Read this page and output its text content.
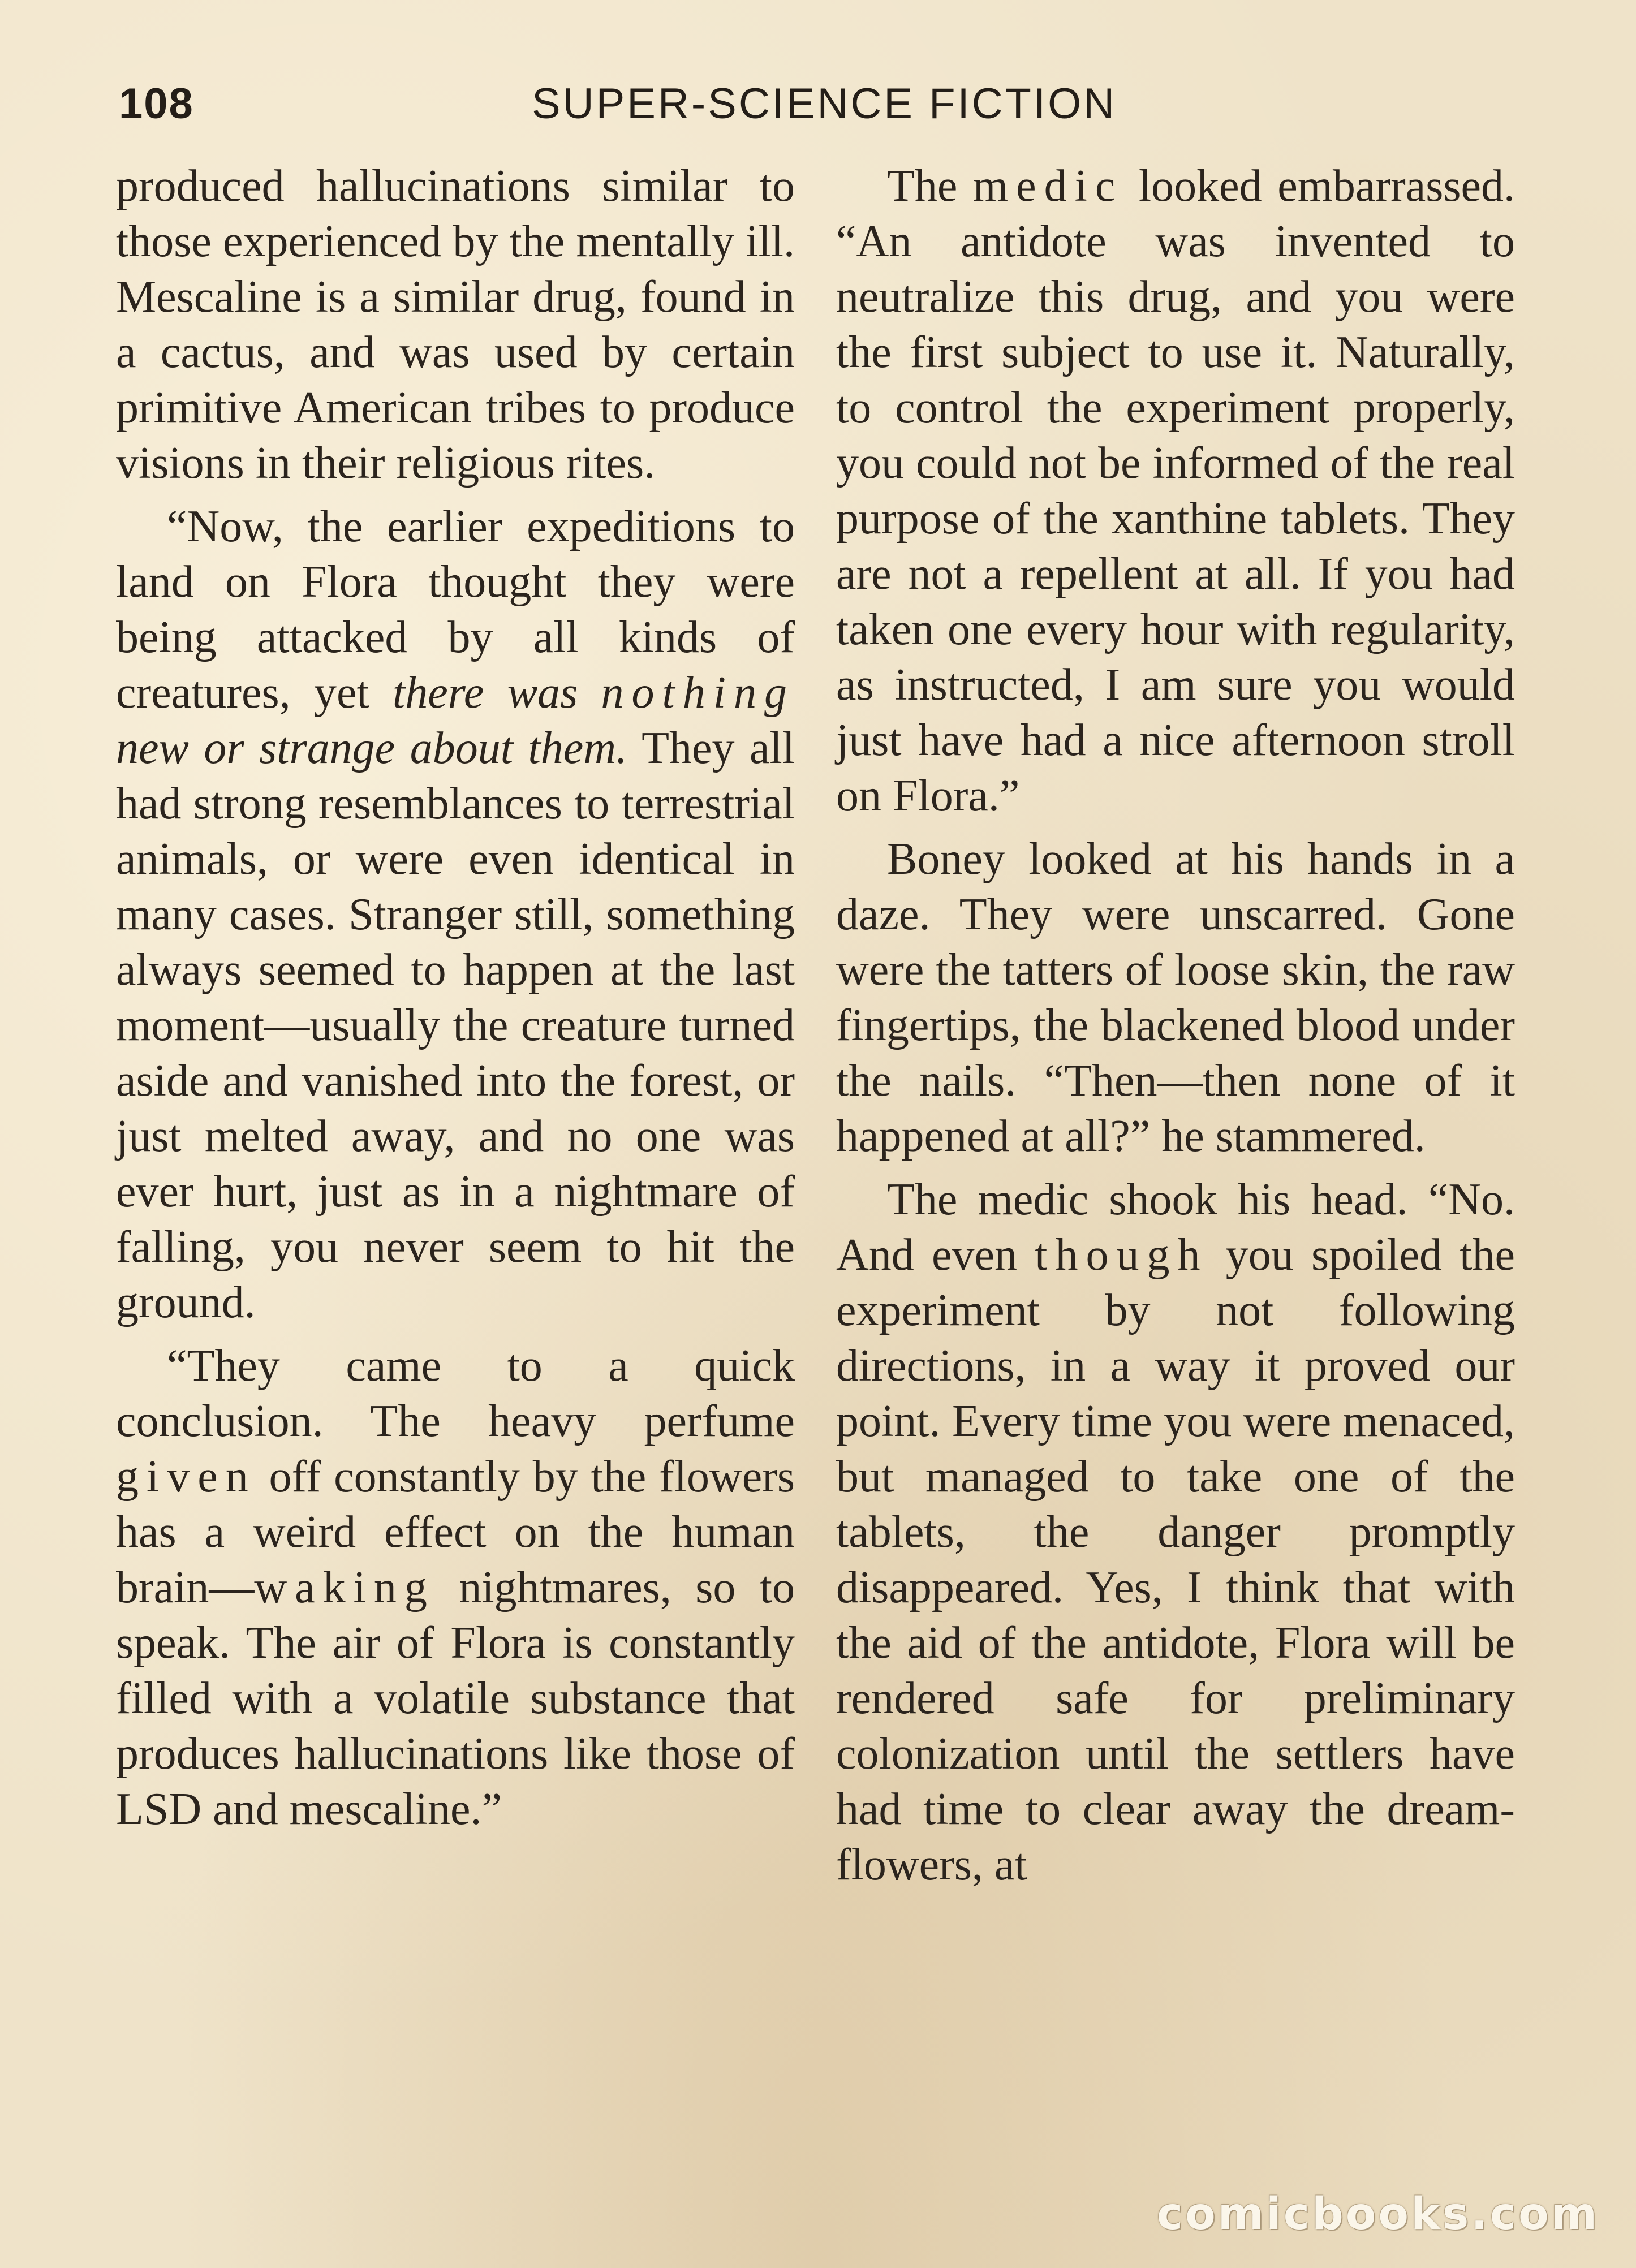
108	SUPER-SCIENCE FICTION

produced hallucinations similar to those experienced by the mentally ill. Mescaline is a similar drug, found in a cactus, and was used by certain primitive American tribes to produce visions in their religious rites.

“Now, the earlier expeditions to land on Flora thought they were being attacked by all kinds of creatures, yet there was nothing new or strange about them. They all had strong resemblances to terrestrial animals, or were even identical in many cases. Stranger still, something always seemed to happen at the last moment—usually the creature turned aside and vanished into the forest, or just melted away, and no one was ever hurt, just as in a nightmare of falling, you never seem to hit the ground.

“They came to a quick conclusion. The heavy perfume given off constantly by the flowers has a weird effect on the human brain—waking nightmares, so to speak. The air of Flora is constantly filled with a volatile substance that produces hallucinations like those of LSD and mescaline.”

The medic looked embarrassed. “An antidote was invented to neutralize this drug, and you were the first subject to use it. Naturally, to control the experiment properly, you could not be informed of the real purpose of the xanthine tablets. They are not a repellent at all. If you had taken one every hour with regularity, as instructed, I am sure you would just have had a nice afternoon stroll on Flora.”

Boney looked at his hands in a daze. They were unscarred. Gone were the tatters of loose skin, the raw fingertips, the blackened blood under the nails. “Then—then none of it happened at all?” he stammered.

The medic shook his head. “No. And even though you spoiled the experiment by not following directions, in a way it proved our point. Every time you were menaced, but managed to take one of the tablets, the danger promptly disappeared. Yes, I think that with the aid of the antidote, Flora will be rendered safe for preliminary colonization until the settlers have had time to clear away the dream-flowers, at

comicbooks.com
